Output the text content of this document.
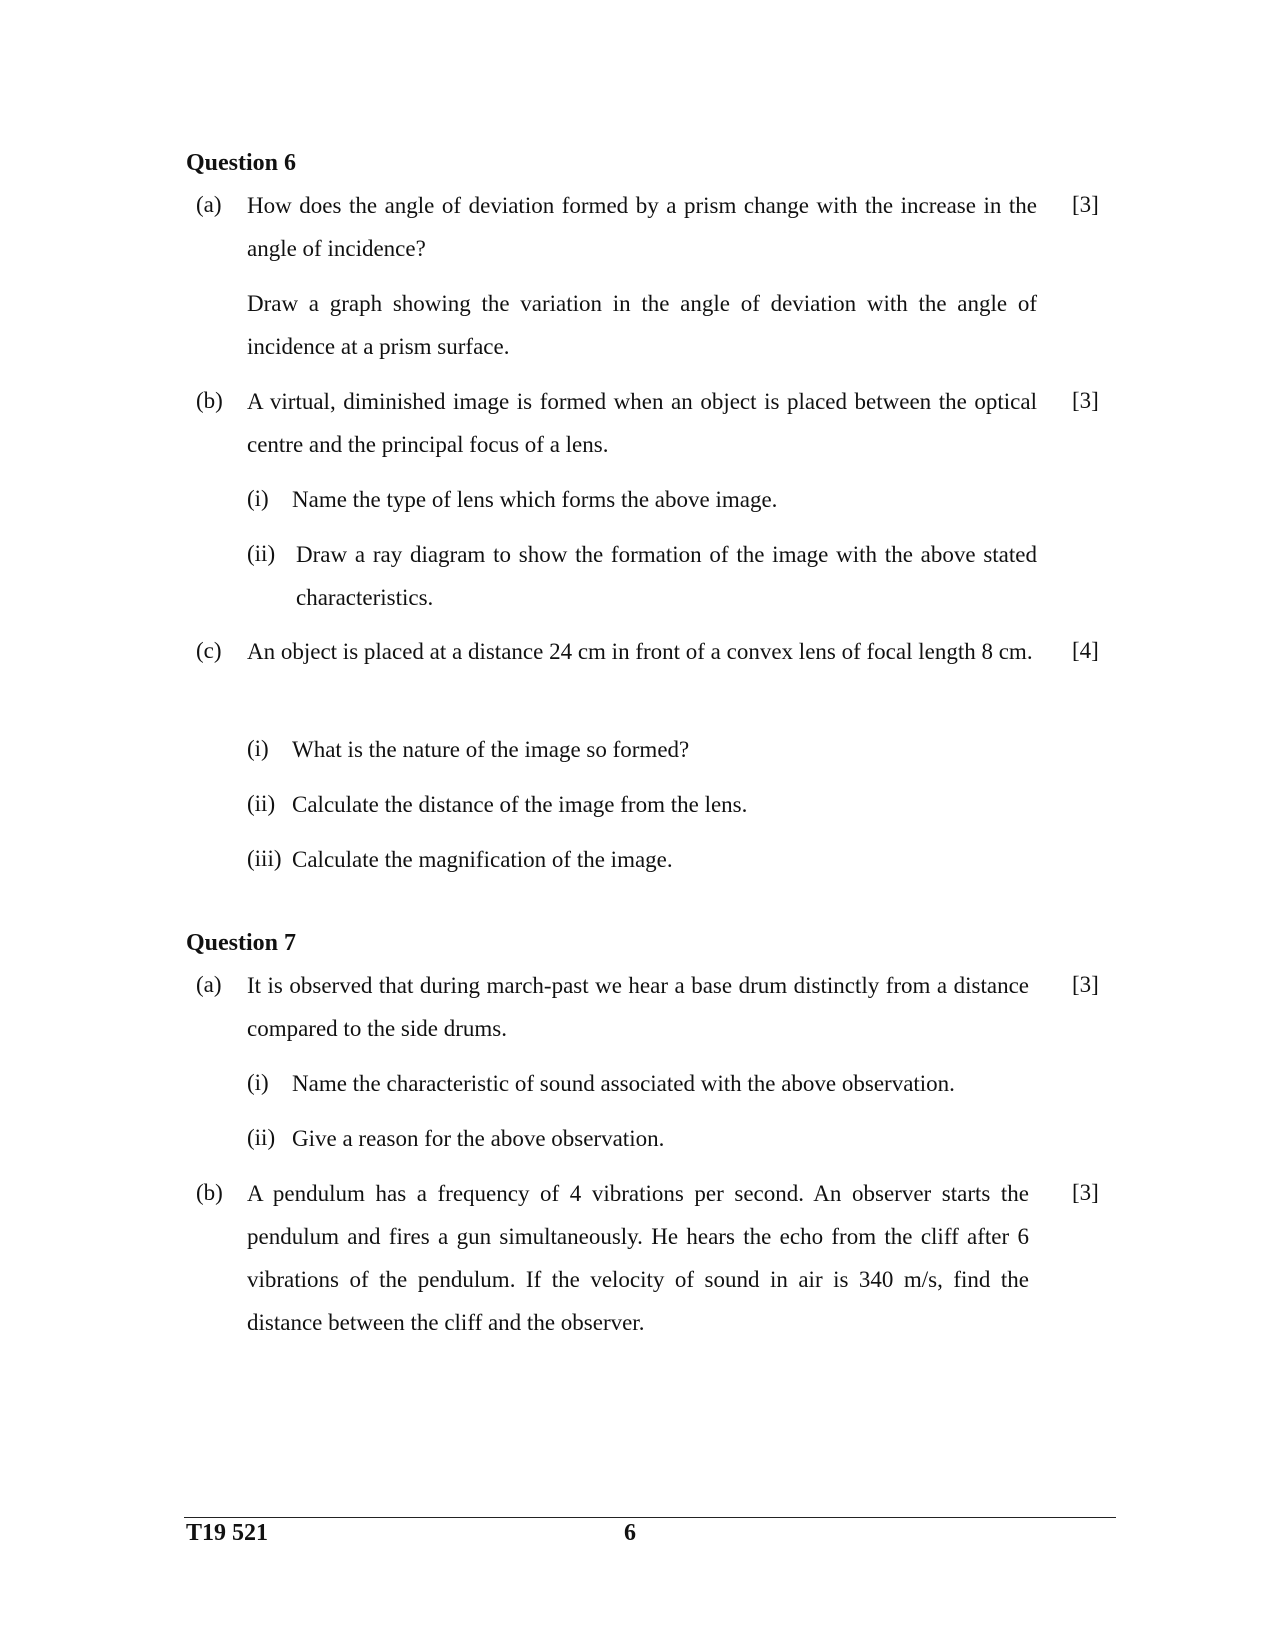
Question 6
(a) How does the angle of deviation formed by a prism change with the increase in the angle of incidence?
[3]
Draw a graph showing the variation in the angle of deviation with the angle of incidence at a prism surface.
(b) A virtual, diminished image is formed when an object is placed between the optical centre and the principal focus of a lens.
[3]
(i) Name the type of lens which forms the above image.
(ii) Draw a ray diagram to show the formation of the image with the above stated characteristics.
(c) An object is placed at a distance 24 cm in front of a convex lens of focal length 8 cm. [4]
(i) What is the nature of the image so formed?
(ii) Calculate the distance of the image from the lens.
(iii) Calculate the magnification of the image.
Question 7
(a) It is observed that during march-past we hear a base drum distinctly from a distance compared to the side drums.
[3]
(i) Name the characteristic of sound associated with the above observation.
(ii) Give a reason for the above observation.
(b) A pendulum has a frequency of 4 vibrations per second. An observer starts the pendulum and fires a gun simultaneously. He hears the echo from the cliff after 6 vibrations of the pendulum. If the velocity of sound in air is 340 m/s, find the distance between the cliff and the observer.
[3]
T19 521	6
